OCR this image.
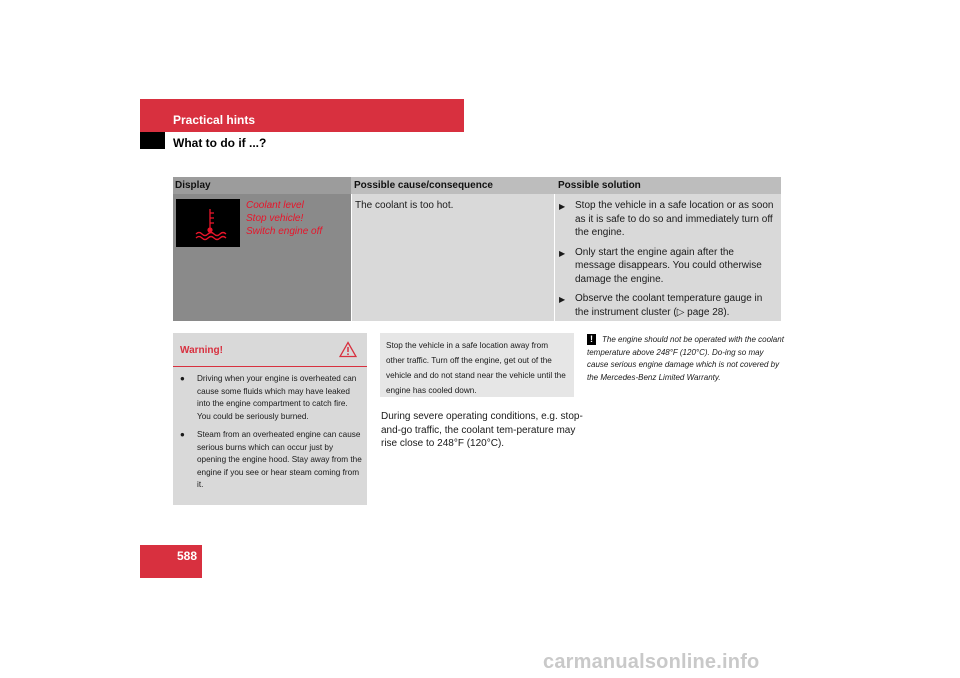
Practical hints
What to do if ...?
Display	Possible cause/consequence	Possible solution
Coolant level
Stop vehicle!
Switch engine off
The coolant is too hot.	▶ Stop the vehicle in a safe location or as soon as it is safe to do so and immediately turn off the engine.
▶ Only start the engine again after the message disappears. You could otherwise damage the engine.
▶ Observe the coolant temperature gauge in the instrument cluster (▷ page 28).
Warning!
●	Driving when your engine is overheated can cause some fluids which may have leaked into the engine compartment to catch fire. You could be seriously burned.
●	Steam from an overheated engine can cause serious burns which can occur just by opening the engine hood. Stay away from the engine if you see or hear steam coming from it.
Stop the vehicle in a safe location away from other traffic. Turn off the engine, get out of the vehicle and do not stand near the vehicle until the engine has cooled down.
During severe operating conditions, e.g. stop-and-go traffic, the coolant tem-perature may rise close to 248°F (120°C).
! The engine should not be operated with the coolant temperature above 248°F (120°C). Do-ing so may cause serious engine damage which is not covered by the Mercedes-Benz Limited Warranty.
588
carmanualsonline.info
